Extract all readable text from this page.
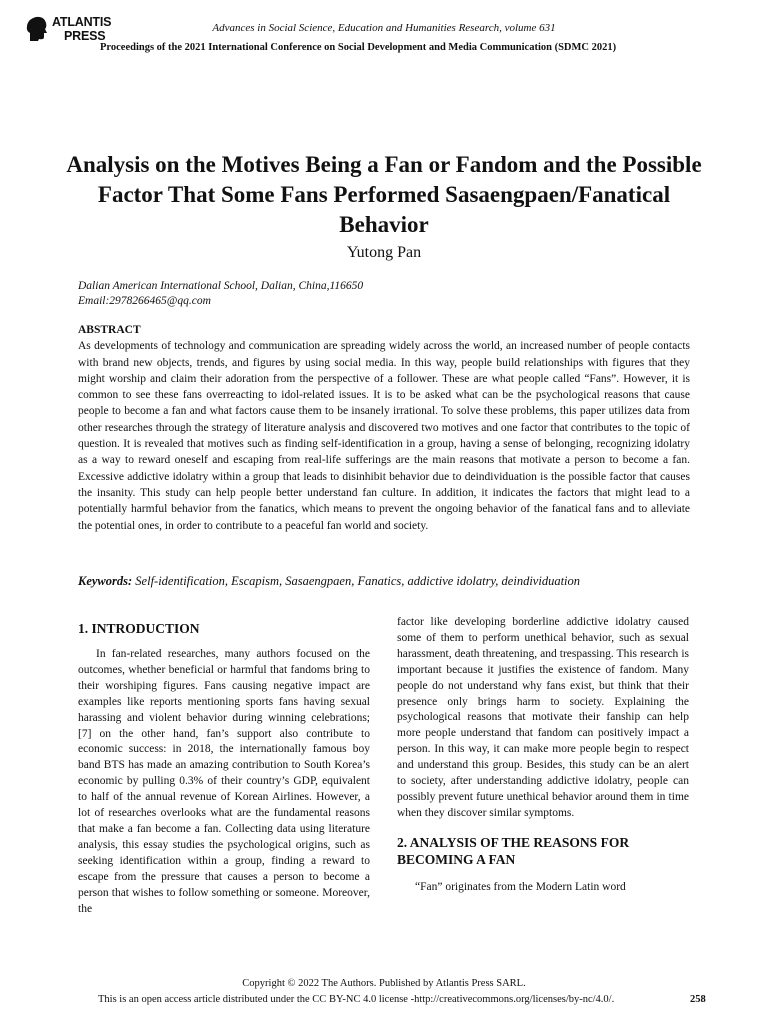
ATLANTIS
PRESS
Advances in Social Science, Education and Humanities Research, volume 631
Proceedings of the 2021 International Conference on Social Development and Media Communication (SDMC 2021)
Analysis on the Motives Being a Fan or Fandom and the Possible Factor That Some Fans Performed Sasaengpaen/Fanatical Behavior
Yutong Pan
Dalian American International School, Dalian, China,116650
Email:2978266465@qq.com
ABSTRACT

As developments of technology and communication are spreading widely across the world, an increased number of people contacts with brand new objects, trends, and figures by using social media. In this way, people build relationships with figures that they might worship and claim their adoration from the perspective of a follower. These are what people called “Fans”. However, it is common to see these fans overreacting to idol-related issues. It is to be asked what can be the psychological reasons that cause people to become a fan and what factors cause them to be insanely irrational. To solve these problems, this paper utilizes data from other researches through the strategy of literature analysis and discovered two motives and one factor that contributes to the topic of question. It is revealed that motives such as finding self-identification in a group, having a sense of belonging, recognizing idolatry as a way to reward oneself and escaping from real-life sufferings are the main reasons that motivate a person to become a fan. Excessive addictive idolatry within a group that leads to disinhibit behavior due to deindividuation is the possible factor that causes the insanity. This study can help people better understand fan culture. In addition, it indicates the factors that might lead to a potentially harmful behavior from the fanatics, which means to prevent the ongoing behavior of the fanatical fans and to alleviate the potential ones, in order to contribute to a peaceful fan world and society.

Keywords: Self-identification, Escapism, Sasaengpaen, Fanatics, addictive idolatry, deindividuation
1. INTRODUCTION

In fan-related researches, many authors focused on the outcomes, whether beneficial or harmful that fandoms bring to their worshiping figures. Fans causing negative impact are examples like reports mentioning sports fans having sexual harassing and violent behavior during winning celebrations; [7] on the other hand, fan’s support also contribute to economic success: in 2018, the internationally famous boy band BTS has made an amazing contribution to South Korea’s economic by pulling 0.3% of their country’s GDP, equivalent to half of the annual revenue of Korean Airlines. However, a lot of researches overlooks what are the fundamental reasons that make a fan become a fan. Collecting data using literature analysis, this essay studies the psychological origins, such as seeking identification within a group, finding a reward to escape from the pressure that causes a person to become a person that wishes to follow something or someone. Moreover, the

factor like developing borderline addictive idolatry caused some of them to perform unethical behavior, such as sexual harassment, death threatening, and trespassing. This research is important because it justifies the existence of fandom. Many people do not understand why fans exist, but think that their presence only brings harm to society. Explaining the psychological reasons that motivate their fanship can help more people understand that fandom can positively impact a person. In this way, it can make more people begin to respect and understand this group. Besides, this study can be an alert to society, after understanding addictive idolatry, people can possibly prevent future unethical behavior around them in time when they discover similar symptoms.

2. ANALYSIS OF THE REASONS FOR BECOMING A FAN

“Fan” originates from the Modern Latin word

Copyright © 2022 The Authors. Published by Atlantis Press SARL.
This is an open access article distributed under the CC BY-NC 4.0 license -http://creativecommons.org/licenses/by-nc/4.0/.	258
